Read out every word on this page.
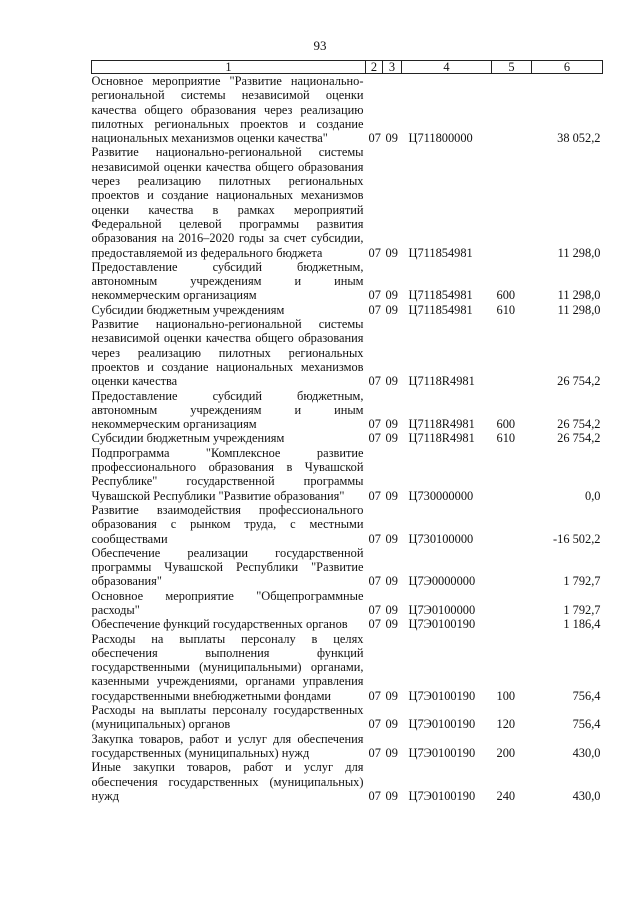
93
1	2	3	4	5	6
Основное мероприятие "Развитие национально-региональной системы независимой оценки качества общего образования через реализацию пилотных региональных проектов и создание национальных механизмов оценки качества"	07	09	Ц711800000		38 052,2
Развитие национально-региональной системы независимой оценки качества общего образования через реализацию пилотных региональных проектов и создание национальных механизмов оценки качества в рамках мероприятий Федеральной целевой программы развития образования на 2016–2020 годы за счет субсидии, предоставляемой из федерального бюджета	07	09	Ц711854981		11 298,0
Предоставление субсидий бюджетным, автономным учреждениям и иным некоммерческим организациям	07	09	Ц711854981	600	11 298,0
Субсидии бюджетным учреждениям	07	09	Ц711854981	610	11 298,0
Развитие национально-региональной системы независимой оценки качества общего образования через реализацию пилотных региональных проектов и создание национальных механизмов оценки качества	07	09	Ц7118R4981		26 754,2
Предоставление субсидий бюджетным, автономным учреждениям и иным некоммерческим организациям	07	09	Ц7118R4981	600	26 754,2
Субсидии бюджетным учреждениям	07	09	Ц7118R4981	610	26 754,2
Подпрограмма "Комплексное развитие профессионального образования в Чувашской Республике" государственной программы Чувашской Республики "Развитие образования"	07	09	Ц730000000		0,0
Развитие взаимодействия профессионального образования с рынком труда, с местными сообществами	07	09	Ц730100000		-16 502,2
Обеспечение реализации государственной программы Чувашской Республики "Развитие образования"	07	09	Ц7Э0000000		1 792,7
Основное мероприятие "Общепрограммные расходы"	07	09	Ц7Э0100000		1 792,7
Обеспечение функций государственных органов	07	09	Ц7Э0100190		1 186,4
Расходы на выплаты персоналу в целях обеспечения выполнения функций государственными (муниципальными) органами, казенными учреждениями, органами управления государственными внебюджетными фондами	07	09	Ц7Э0100190	100	756,4
Расходы на выплаты персоналу государственных (муниципальных) органов	07	09	Ц7Э0100190	120	756,4
Закупка товаров, работ и услуг для обеспечения государственных (муниципальных) нужд	07	09	Ц7Э0100190	200	430,0
Иные закупки товаров, работ и услуг для обеспечения государственных (муниципальных) нужд	07	09	Ц7Э0100190	240	430,0
